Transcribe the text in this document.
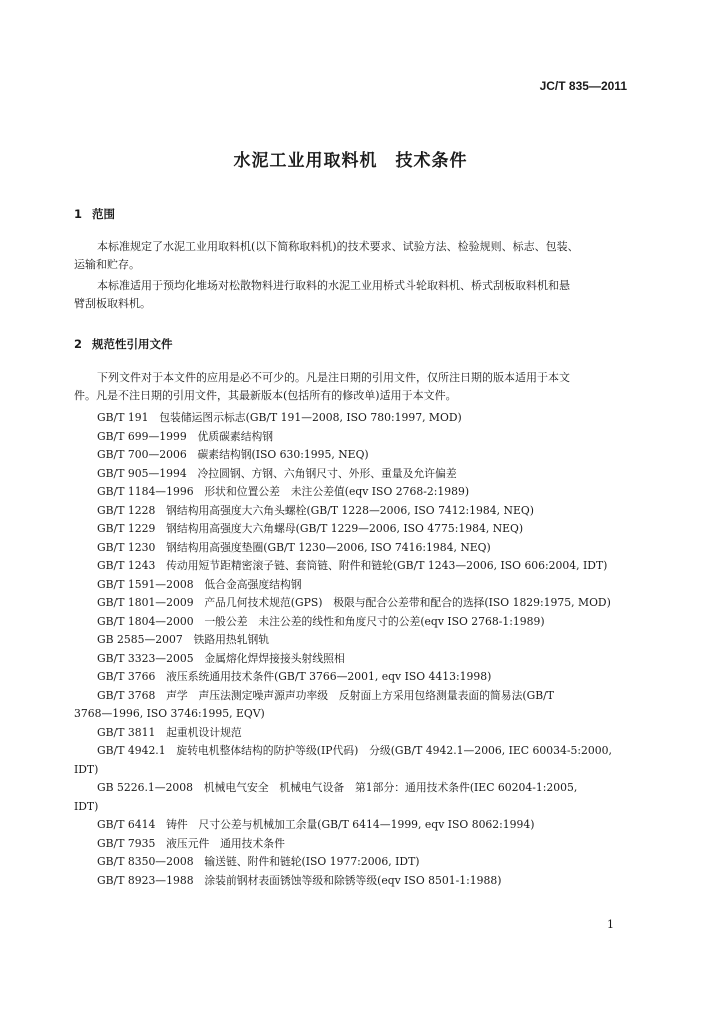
JC/T 835—2011
水泥工业用取料机　技术条件
1 范围
本标准规定了水泥工业用取料机(以下简称取料机)的技术要求、试验方法、检验规则、标志、包装、
运输和贮存。
本标准适用于预均化堆场对松散物料进行取料的水泥工业用桥式斗轮取料机、桥式刮板取料机和悬
臂刮板取料机。
2 规范性引用文件
下列文件对于本文件的应用是必不可少的。凡是注日期的引用文件，仅所注日期的版本适用于本文
件。凡是不注日期的引用文件，其最新版本(包括所有的修改单)适用于本文件。
GB/T 191　包装储运图示标志(GB/T 191—2008, ISO 780:1997, MOD)
GB/T 699—1999　优质碳素结构钢
GB/T 700—2006　碳素结构钢(ISO 630:1995, NEQ)
GB/T 905—1994　冷拉圆钢、方钢、六角钢尺寸、外形、重量及允许偏差
GB/T 1184—1996　形状和位置公差　未注公差值(eqv ISO 2768-2:1989)
GB/T 1228　钢结构用高强度大六角头螺栓(GB/T 1228—2006, ISO 7412:1984, NEQ)
GB/T 1229　钢结构用高强度大六角螺母(GB/T 1229—2006, ISO 4775:1984, NEQ)
GB/T 1230　钢结构用高强度垫圈(GB/T 1230—2006, ISO 7416:1984, NEQ)
GB/T 1243　传动用短节距精密滚子链、套筒链、附件和链轮(GB/T 1243—2006, ISO 606:2004, IDT)
GB/T 1591—2008　低合金高强度结构钢
GB/T 1801—2009　产品几何技术规范(GPS)　极限与配合公差带和配合的选择(ISO 1829:1975, MOD)
GB/T 1804—2000　一般公差　未注公差的线性和角度尺寸的公差(eqv ISO 2768-1:1989)
GB 2585—2007　铁路用热轧钢轨
GB/T 3323—2005　金属熔化焊焊接接头射线照相
GB/T 3766　液压系统通用技术条件(GB/T 3766—2001, eqv ISO 4413:1998)
GB/T 3768　声学　声压法测定噪声源声功率级　反射面上方采用包络测量表面的简易法(GB/T
3768—1996, ISO 3746:1995, EQV)
GB/T 3811　起重机设计规范
GB/T 4942.1　旋转电机整体结构的防护等级(IP代码)　分级(GB/T 4942.1—2006, IEC 60034-5:2000,
IDT)
GB 5226.1—2008　机械电气安全　机械电气设备　第1部分：通用技术条件(IEC 60204-1:2005,
IDT)
GB/T 6414　铸件　尺寸公差与机械加工余量(GB/T 6414—1999, eqv ISO 8062:1994)
GB/T 7935　液压元件　通用技术条件
GB/T 8350—2008　输送链、附件和链轮(ISO 1977:2006, IDT)
GB/T 8923—1988　涂装前钢材表面锈蚀等级和除锈等级(eqv ISO 8501-1:1988)
1
